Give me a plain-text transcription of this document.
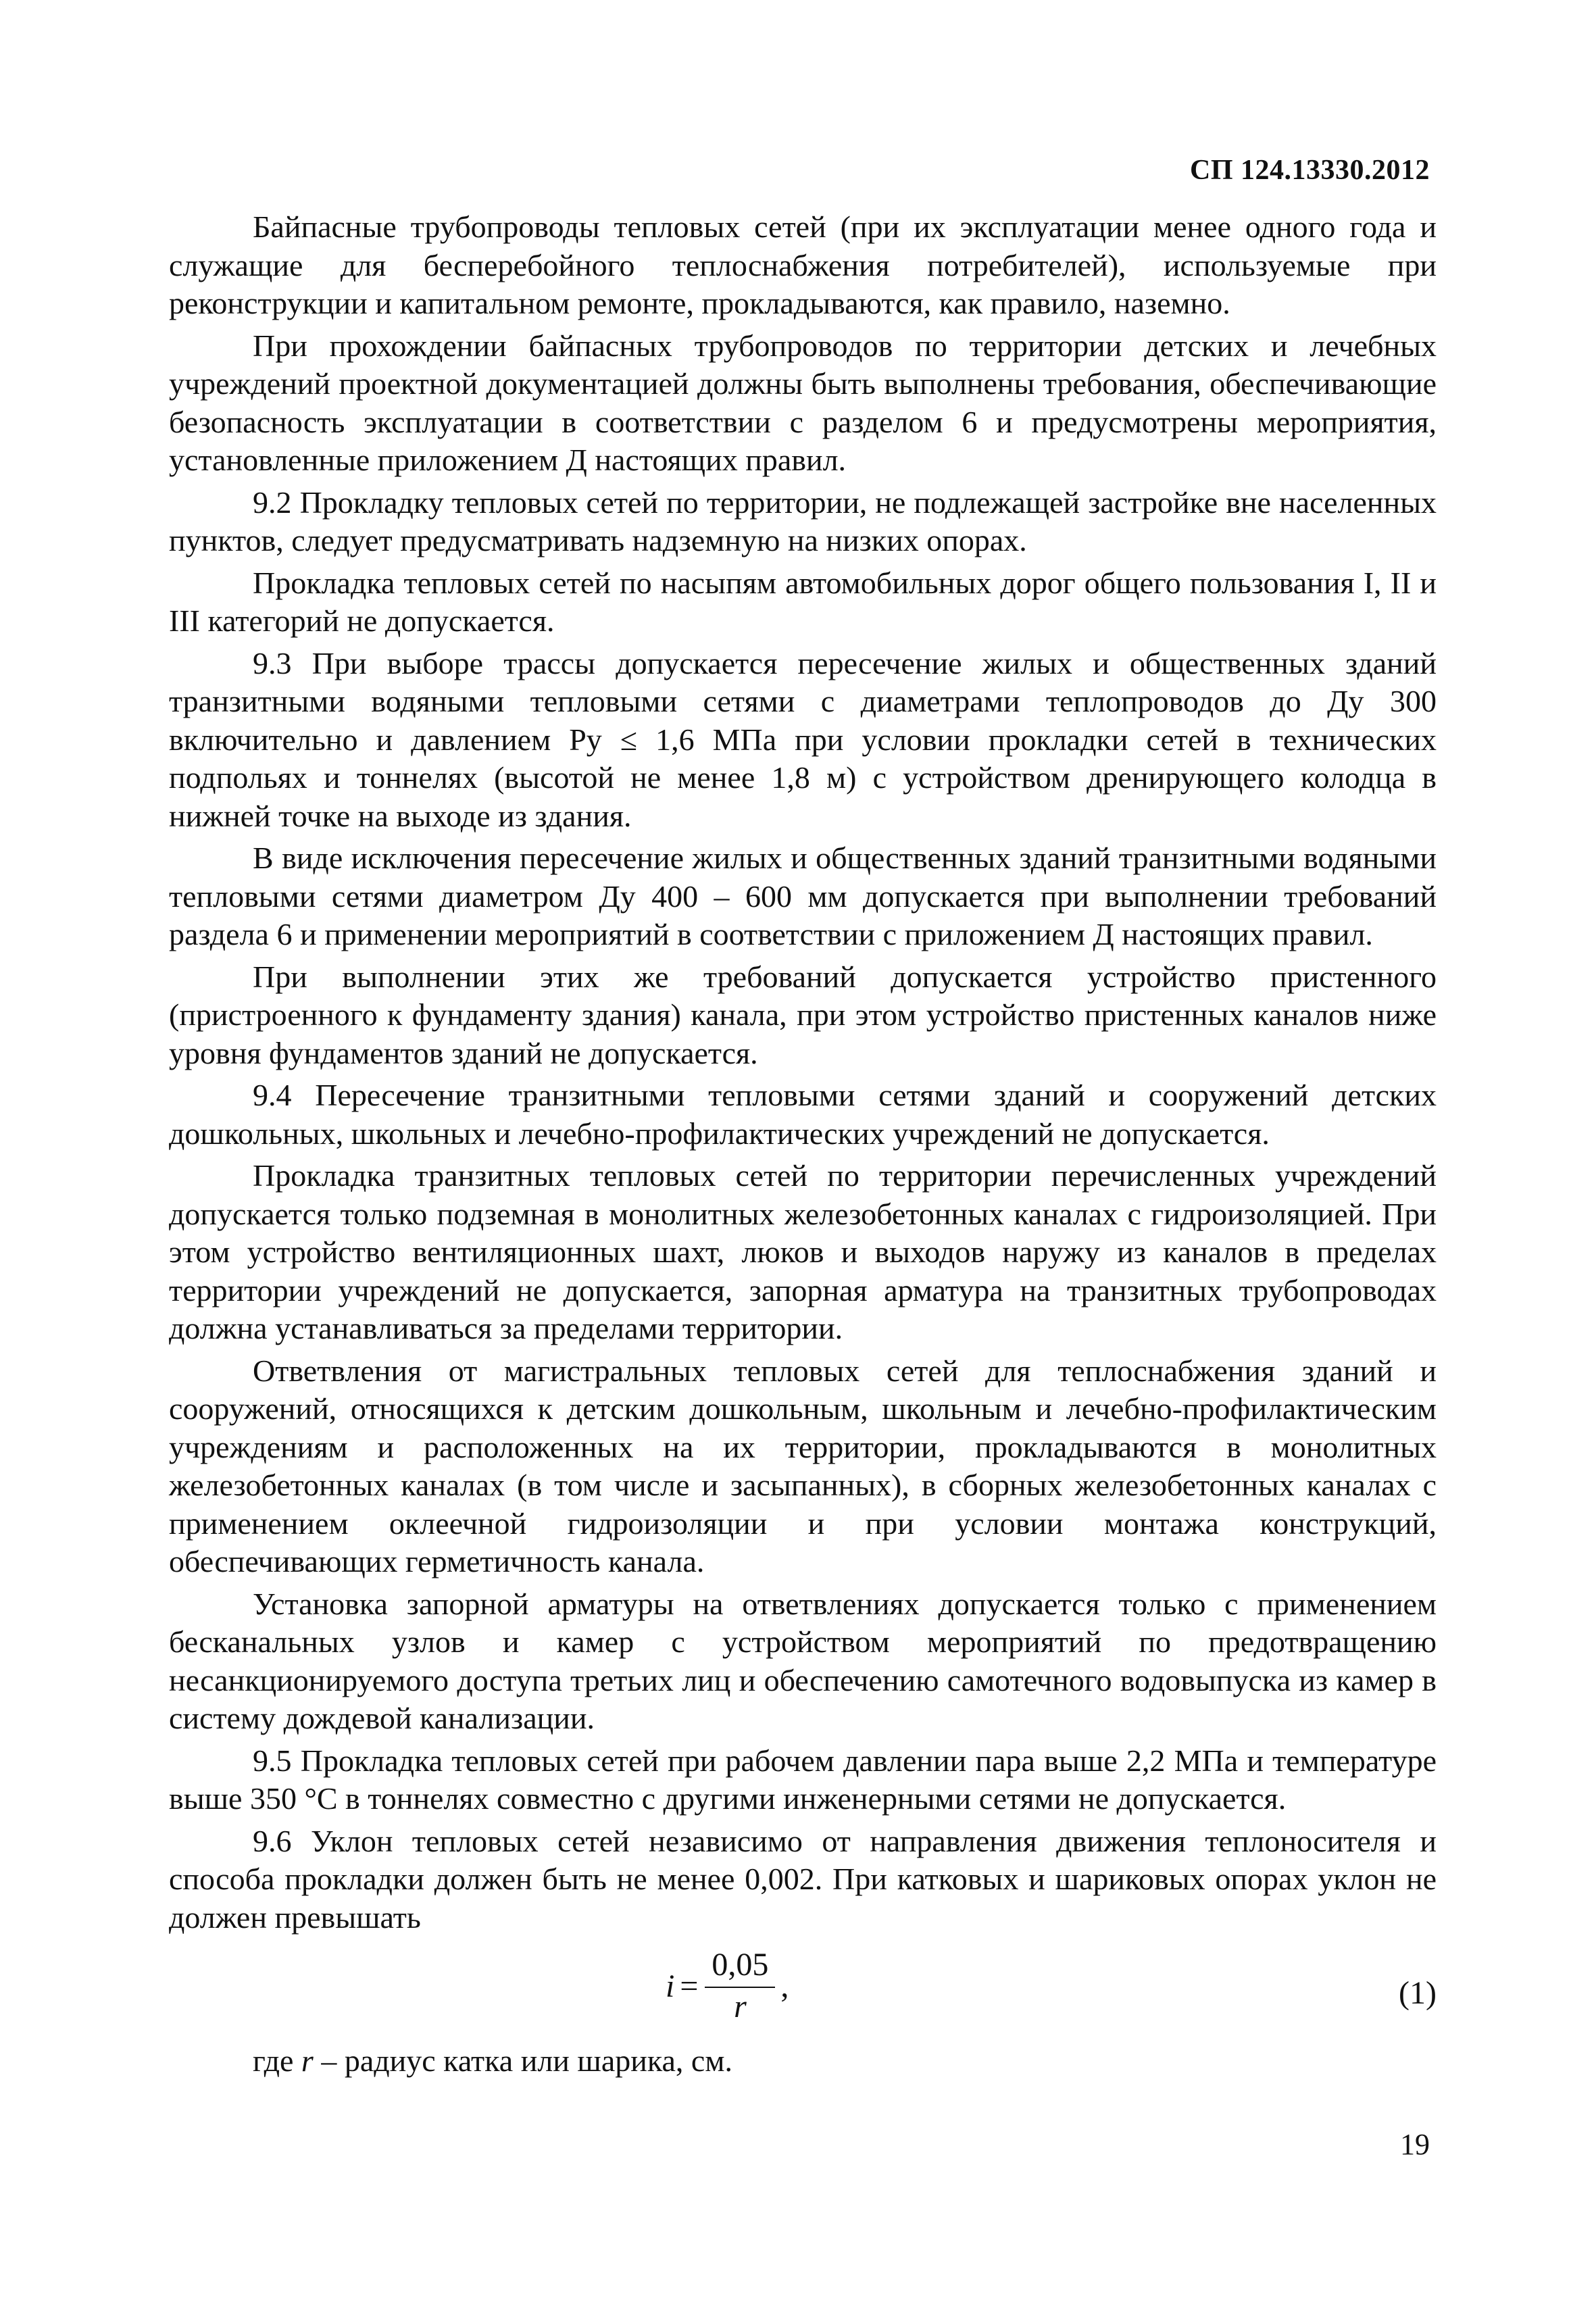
СП 124.13330.2012

Байпасные трубопроводы тепловых сетей (при их эксплуатации менее одного года и служащие для бесперебойного теплоснабжения потребителей), используемые при реконструкции и капитальном ремонте, прокладываются, как правило, наземно.

При прохождении байпасных трубопроводов по территории детских и лечебных учреждений проектной документацией должны быть выполнены требования, обеспечивающие безопасность эксплуатации в соответствии с разделом 6 и предусмотрены мероприятия, установленные приложением Д настоящих правил.

9.2 Прокладку тепловых сетей по территории, не подлежащей застройке вне населенных пунктов, следует предусматривать надземную на низких опорах.

Прокладка тепловых сетей по насыпям автомобильных дорог общего пользования I, II и III категорий не допускается.

9.3 При выборе трассы допускается пересечение жилых и общественных зданий транзитными водяными тепловыми сетями с диаметрами теплопроводов до Ду 300 включительно и давлением Py ≤ 1,6 МПа при условии прокладки сетей в технических подпольях и тоннелях (высотой не менее 1,8 м) с устройством дренирующего колодца в нижней точке на выходе из здания.

В виде исключения пересечение жилых и общественных зданий транзитными водяными тепловыми сетями диаметром Ду 400 – 600 мм допускается при выполнении требований раздела 6 и применении мероприятий в соответствии с приложением Д настоящих правил.

При выполнении этих же требований допускается устройство пристенного (пристроенного к фундаменту здания) канала, при этом устройство пристенных каналов ниже уровня фундаментов зданий не допускается.

9.4 Пересечение транзитными тепловыми сетями зданий и сооружений детских дошкольных, школьных и лечебно-профилактических учреждений не допускается.

Прокладка транзитных тепловых сетей по территории перечисленных учреждений допускается только подземная в монолитных железобетонных каналах с гидроизоляцией. При этом устройство вентиляционных шахт, люков и выходов наружу из каналов в пределах территории учреждений не допускается, запорная арматура на транзитных трубопроводах должна устанавливаться за пределами территории.

Ответвления от магистральных тепловых сетей для теплоснабжения зданий и сооружений, относящихся к детским дошкольным, школьным и лечебно-профилактическим учреждениям и расположенных на их территории, прокладываются в монолитных железобетонных каналах (в том числе и засыпанных), в сборных железобетонных каналах с применением оклеечной гидроизоляции и при условии монтажа конструкций, обеспечивающих герметичность канала.

Установка запорной арматуры на ответвлениях допускается только с применением бесканальных узлов и камер с устройством мероприятий по предотвращению несанкционируемого доступа третьих лиц и обеспечению самотечного водовыпуска из камер в систему дождевой канализации.

9.5 Прокладка тепловых сетей при рабочем давлении пара выше 2,2 МПа и температуре выше 350 °C в тоннелях совместно с другими инженерными сетями не допускается.

9.6 Уклон тепловых сетей независимо от направления движения теплоносителя и способа прокладки должен быть не менее 0,002. При катковых и шариковых опорах уклон не должен превышать

$i = \frac{0,05}{r}$ ,	(1)

где r – радиус катка или шарика, см.

19
